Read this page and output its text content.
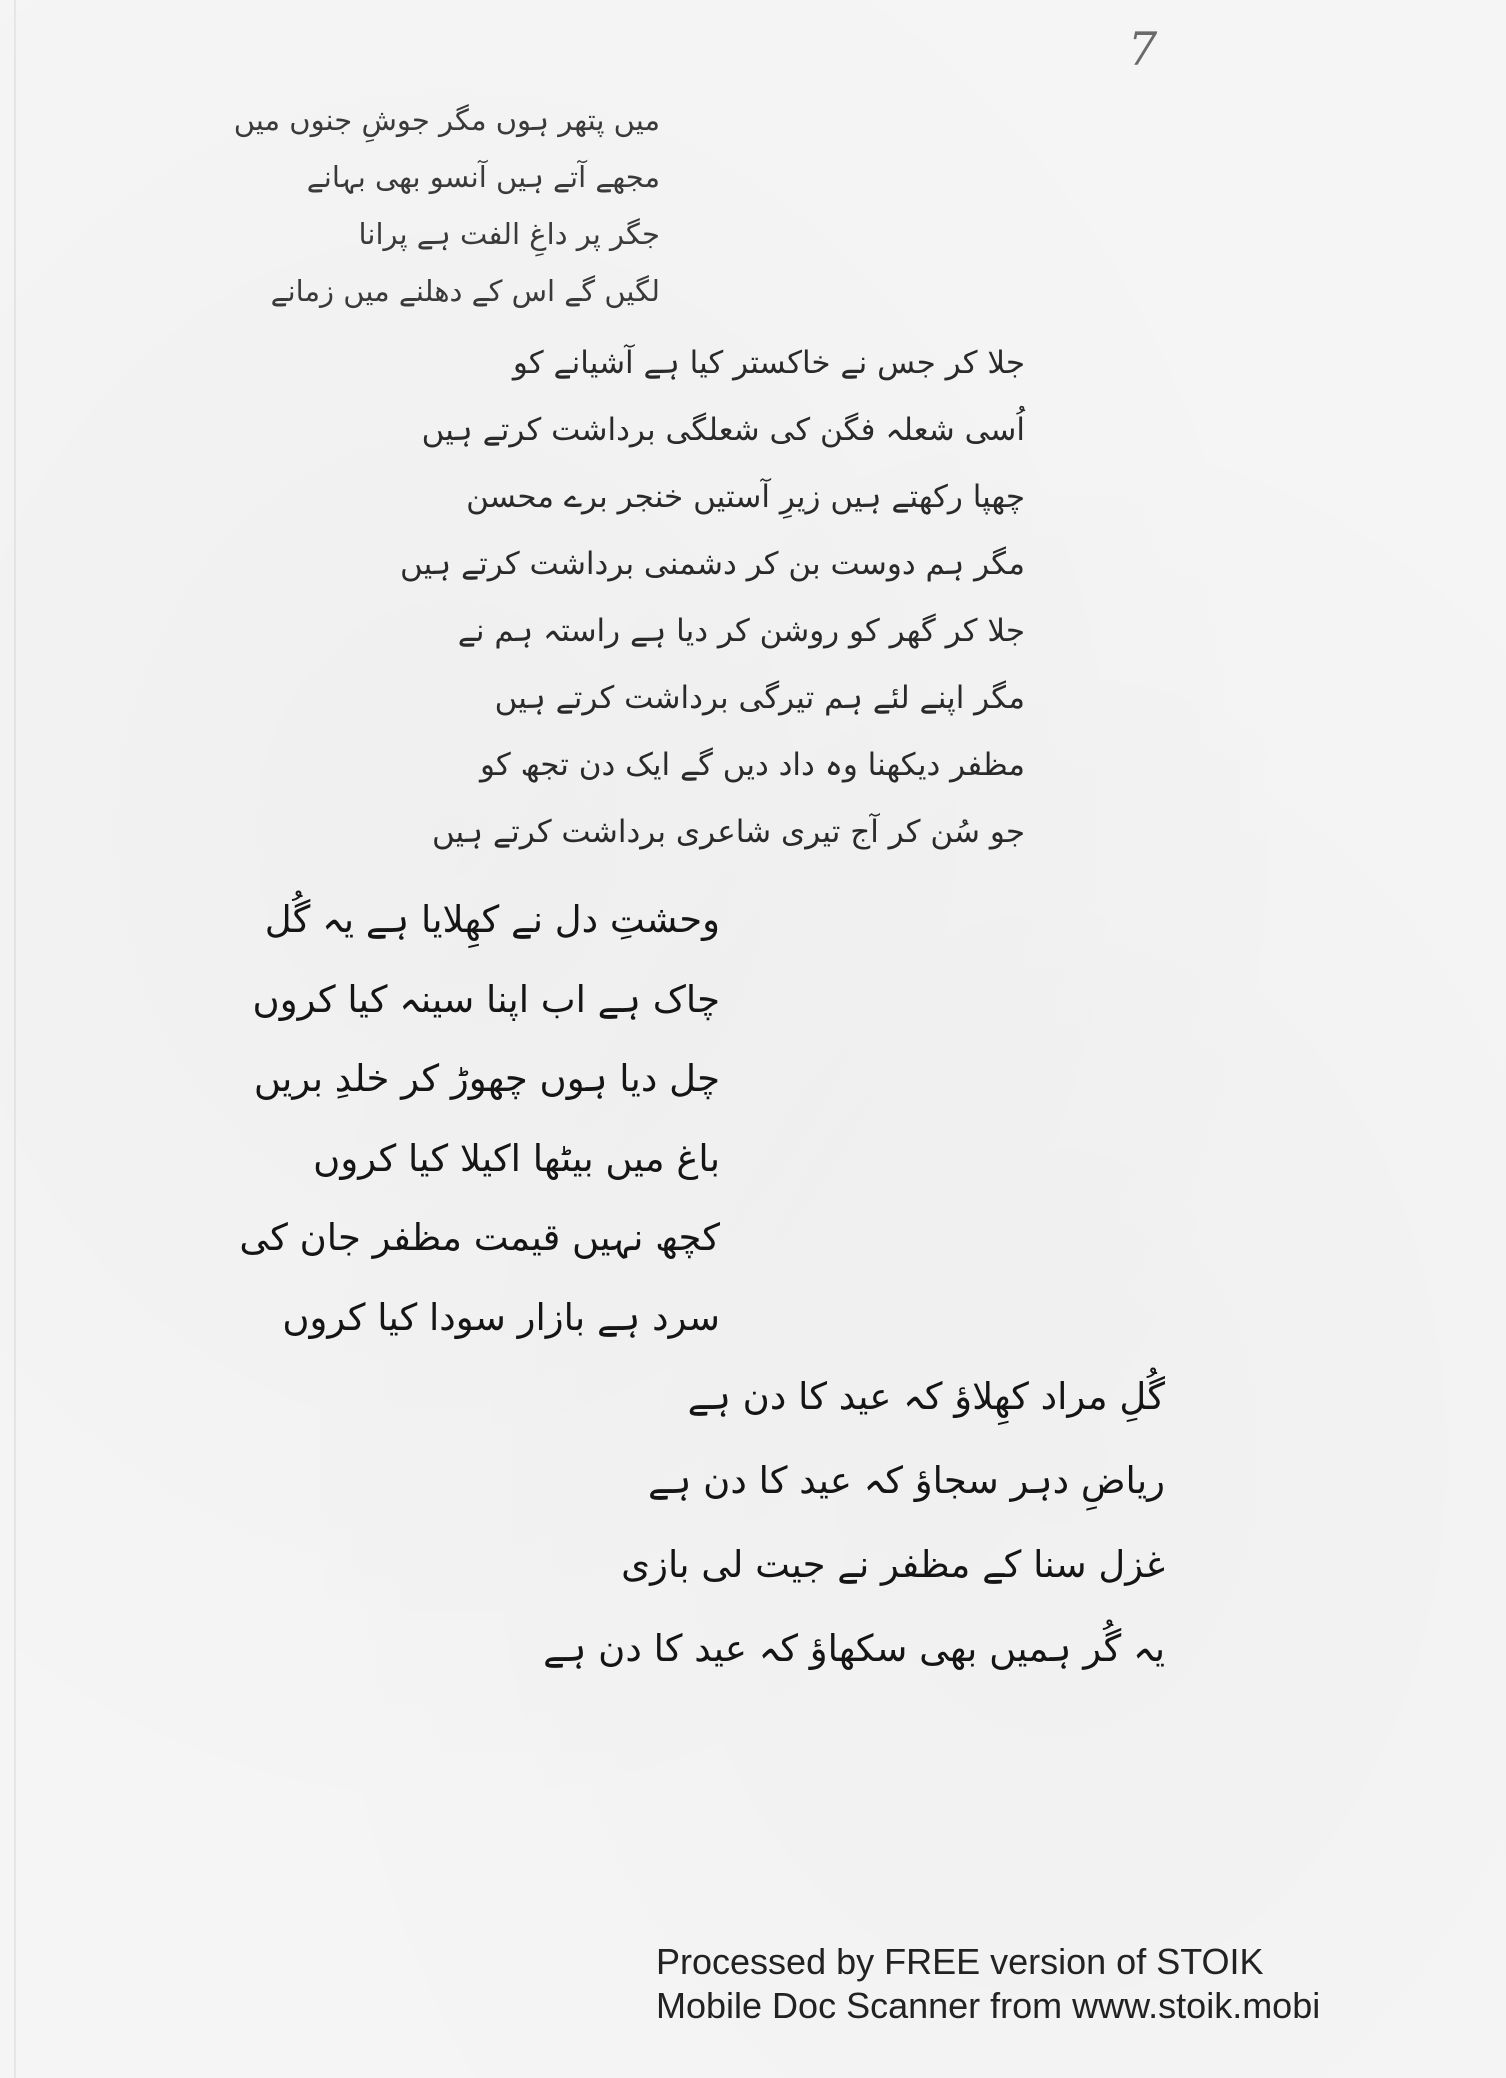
7
میں پتھر ہوں مگر جوشِ جنوں میں
مجھے آتے ہیں آنسو بھی بہانے
جگر پر داغِ الفت ہے پرانا
لگیں گے اس کے دھلنے میں زمانے
جلا کر جس نے خاکستر کیا ہے آشیانے کو
اُسی شعلہ فگن کی شعلگی برداشت کرتے ہیں
چھپا رکھتے ہیں زیرِ آستیں خنجر برے محسن
مگر ہم دوست بن کر دشمنی برداشت کرتے ہیں
جلا کر گھر کو روشن کر دیا ہے راستہ ہم نے
مگر اپنے لئے ہم تیرگی برداشت کرتے ہیں
مظفر دیکھنا وہ داد دیں گے ایک دن تجھ کو
جو سُن کر آج تیری شاعری برداشت کرتے ہیں
وحشتِ دل نے کھِلایا ہے یہ گُل
چاک ہے اب اپنا سینہ کیا کروں
چل دیا ہوں چھوڑ کر خلدِ بریں
باغ میں بیٹھا اکیلا کیا کروں
کچھ نہیں قیمت مظفر جان کی
سرد ہے بازار سودا کیا کروں
گُلِ مراد کھِلاؤ کہ عید کا دن ہے
ریاضِ دہر سجاؤ کہ عید کا دن ہے
غزل سنا کے مظفر نے جیت لی بازی
یہ گُر ہمیں بھی سکھاؤ کہ عید کا دن ہے
Processed by FREE version of STOIK
Mobile Doc Scanner from www.stoik.mobi
